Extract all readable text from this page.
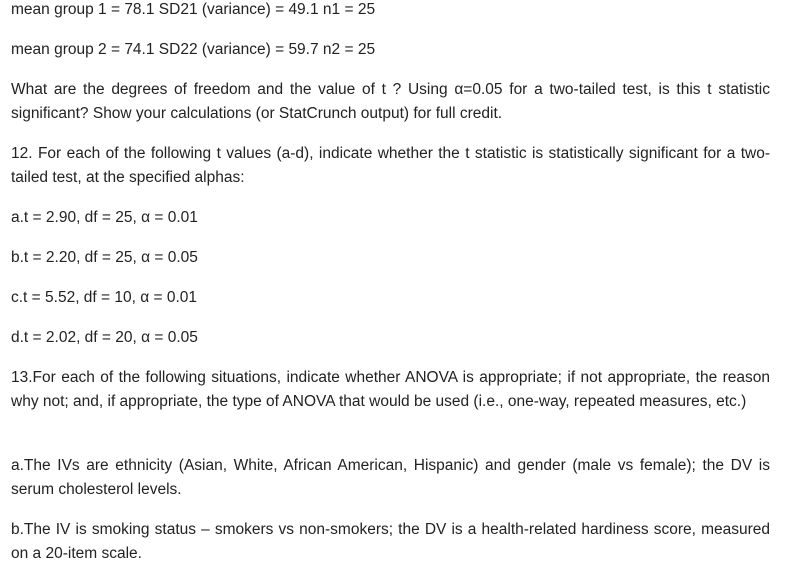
mean group 1 = 78.1 SD21 (variance) = 49.1 n1 = 25
mean group 2 = 74.1 SD22 (variance) = 59.7 n2 = 25
What are the degrees of freedom and the value of t ? Using α=0.05 for a two-tailed test, is this t statistic significant? Show your calculations (or StatCrunch output) for full credit.
12. For each of the following t values (a-d), indicate whether the t statistic is statistically significant for a two-tailed test, at the specified alphas:
a.t = 2.90, df = 25, α = 0.01
b.t = 2.20, df = 25, α = 0.05
c.t = 5.52, df = 10, α = 0.01
d.t = 2.02, df = 20, α = 0.05
13.For each of the following situations, indicate whether ANOVA is appropriate; if not appropriate, the reason why not; and, if appropriate, the type of ANOVA that would be used (i.e., one-way, repeated measures, etc.)
a.The IVs are ethnicity (Asian, White, African American, Hispanic) and gender (male vs female); the DV is serum cholesterol levels.
b.The IV is smoking status – smokers vs non-smokers; the DV is a health-related hardiness score, measured on a 20-item scale.
